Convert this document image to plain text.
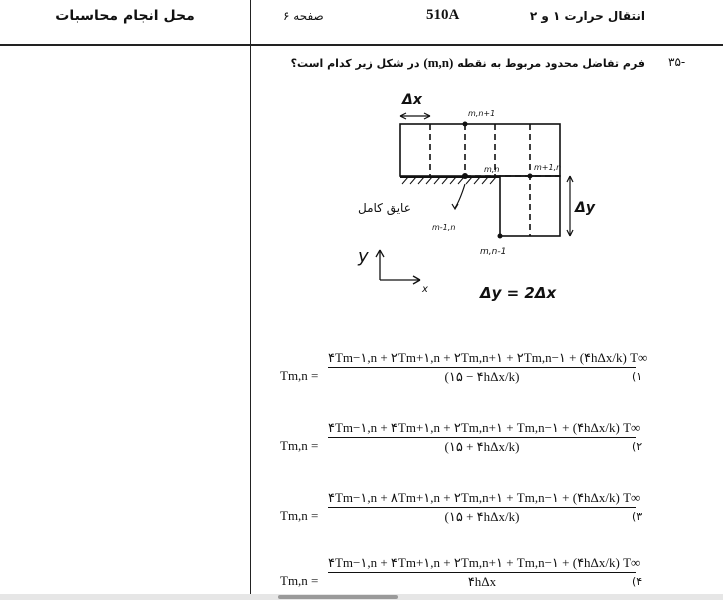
محل انجام محاسبات	صفحه ۶	510A	انتقال حرارت ۱ و ۲
۳۵-
فرم تفاضل محدود مربوط به نقطه (m,n) در شکل زیر کدام است؟
Δx
m,n+1
m,n	m+1,n
m-1,n
m,n-1
Δy
y
x	Δy = 2Δx
عایق کامل
Tm,n =
۴Tm−۱,n + ۲Tm+۱,n + ۲Tm,n+۱ + ۲Tm,n−۱ + (۴hΔx/k) T∞
(۱۵ − ۴hΔx/k)	(۱
Tm,n =
۴Tm−۱,n + ۴Tm+۱,n + ۲Tm,n+۱ + Tm,n−۱ + (۴hΔx/k) T∞
(۱۵ + ۴hΔx/k)	(۲
Tm,n =
۴Tm−۱,n + ۸Tm+۱,n + ۲Tm,n+۱ + Tm,n−۱ + (۴hΔx/k) T∞
(۱۵ + ۴hΔx/k)	(۳
Tm,n =
۴Tm−۱,n + ۴Tm+۱,n + ۲Tm,n+۱ + Tm,n−۱ + (۴hΔx/k) T∞
۴hΔx	(۴
